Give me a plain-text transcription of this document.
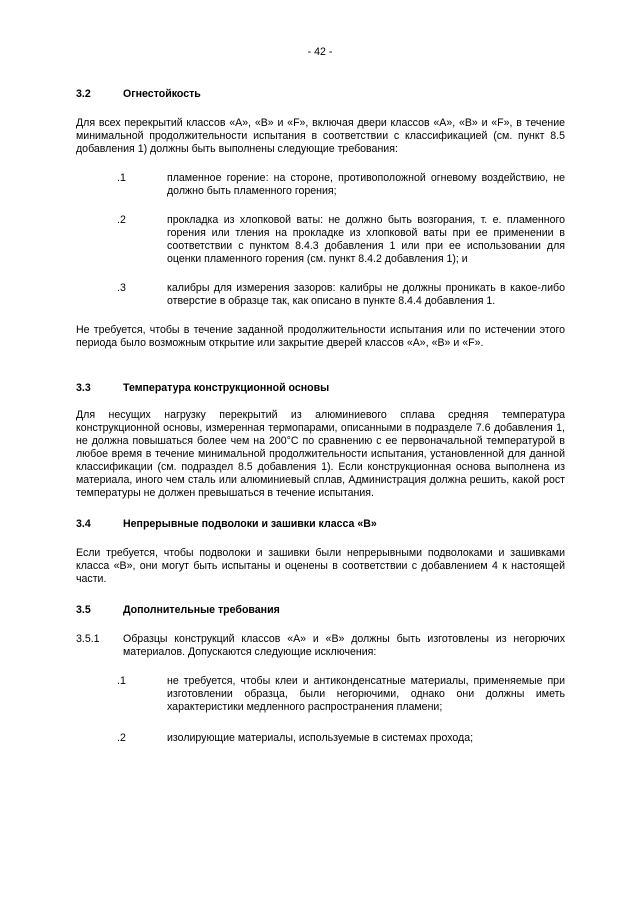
- 42 -
3.2	Огнестойкость

Для всех перекрытий классов «А», «В» и «F», включая двери классов «А», «В» и «F», в течение минимальной продолжительности испытания в соответствии с классификацией (см. пункт 8.5 добавления 1) должны быть выполнены следующие требования:

.1	пламенное горение: на стороне, противоположной огневому воздействию, не должно быть пламенного горения;
.2	прокладка из хлопковой ваты: не должно быть возгорания, т. е. пламенного горения или тления на прокладке из хлопковой ваты при ее применении в соответствии с пунктом 8.4.3 добавления 1 или при ее использовании для оценки пламенного горения (см. пункт 8.4.2 добавления 1); и
.3	калибры для измерения зазоров: калибры не должны проникать в какое-либо отверстие в образце так, как описано в пункте 8.4.4 добавления 1.

Не требуется, чтобы в течение заданной продолжительности испытания или по истечении этого периода было возможным открытие или закрытие дверей классов «А», «В» и «F».

3.3	Температура конструкционной основы

Для несущих нагрузку перекрытий из алюминиевого сплава средняя температура конструкционной основы, измеренная термопарами, описанными в подразделе 7.6 добавления 1, не должна повышаться более чем на 200°С по сравнению с ее первоначальной температурой в любое время в течение минимальной продолжительности испытания, установленной для данной классификации (см. подраздел 8.5 добавления 1). Если конструкционная основа выполнена из материала, иного чем сталь или алюминиевый сплав, Администрация должна решить, какой рост температуры не должен превышаться в течение испытания.

3.4	Непрерывные подволоки и зашивки класса «В»

Если требуется, чтобы подволоки и зашивки были непрерывными подволоками и зашивками класса «В», они могут быть испытаны и оценены в соответствии с добавлением 4 к настоящей части.

3.5	Дополнительные требования
3.5.1	Образцы конструкций классов «А» и «В» должны быть изготовлены из негорючих материалов. Допускаются следующие исключения:
.1	не требуется, чтобы клеи и антиконденсатные материалы, применяемые при изготовлении образца, были негорючими, однако они должны иметь характеристики медленного распространения пламени;
.2	изолирующие материалы, используемые в системах прохода;
